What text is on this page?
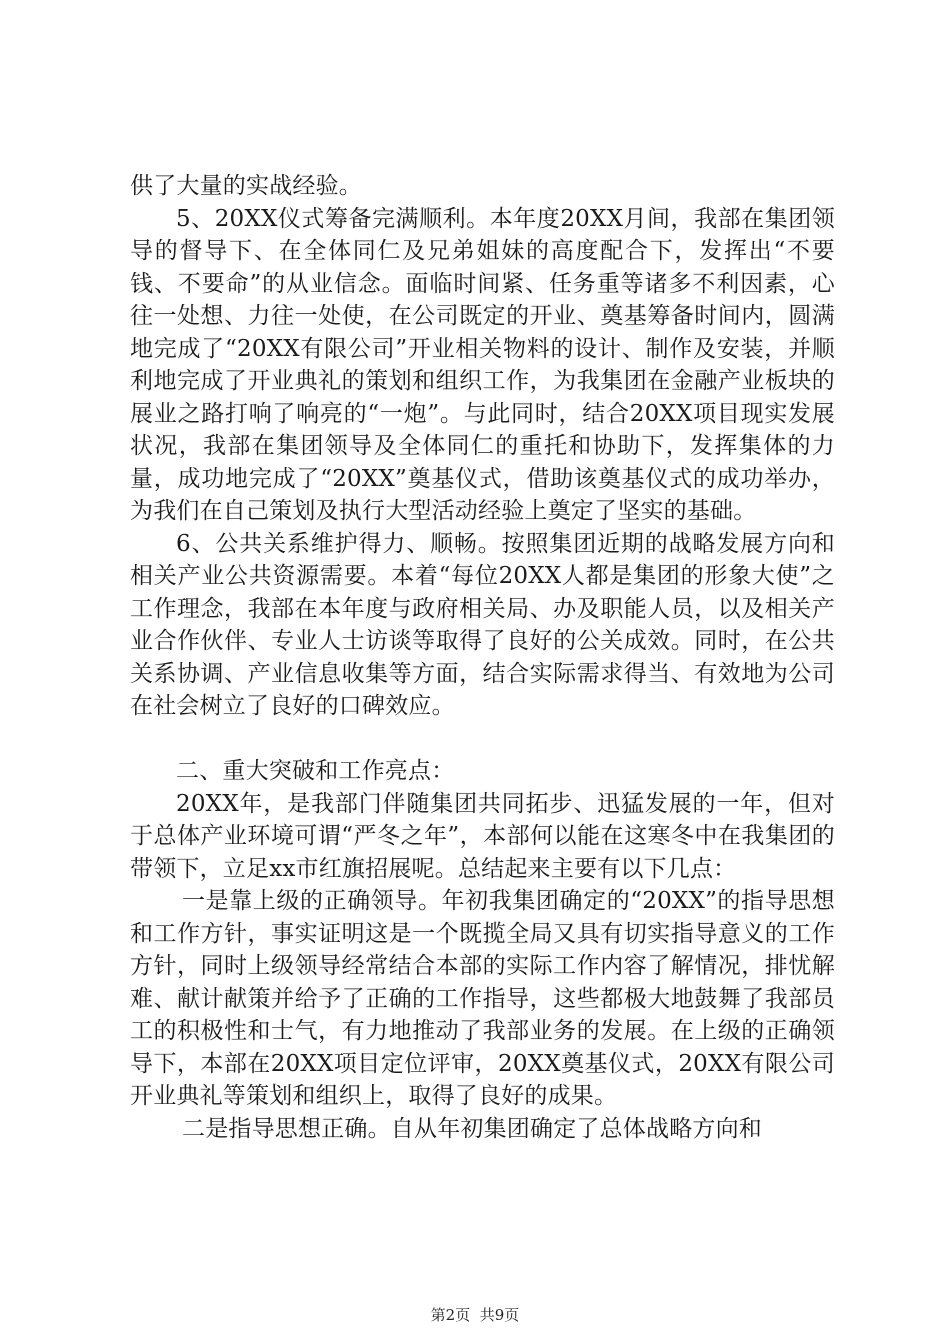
供了大量的实战经验。

5、20XX仪式筹备完满顺利。本年度20XX月间，我部在集团领导的督导下、在全体同仁及兄弟姐妹的高度配合下，发挥出“不要钱、不要命”的从业信念。面临时间紧、任务重等诸多不利因素，心往一处想、力往一处使，在公司既定的开业、奠基筹备时间内，圆满地完成了“20XX有限公司”开业相关物料的设计、制作及安装，并顺利地完成了开业典礼的策划和组织工作，为我集团在金融产业板块的展业之路打响了响亮的“一炮”。与此同时，结合20XX项目现实发展状况，我部在集团领导及全体同仁的重托和协助下，发挥集体的力量，成功地完成了“20XX”奠基仪式，借助该奠基仪式的成功举办，为我们在自己策划及执行大型活动经验上奠定了坚实的基础。

6、公共关系维护得力、顺畅。按照集团近期的战略发展方向和相关产业公共资源需要。本着“每位20XX人都是集团的形象大使”之工作理念，我部在本年度与政府相关局、办及职能人员，以及相关产业合作伙伴、专业人士访谈等取得了良好的公关成效。同时，在公共关系协调、产业信息收集等方面，结合实际需求得当、有效地为公司在社会树立了良好的口碑效应。

二、重大突破和工作亮点：

20XX年，是我部门伴随集团共同拓步、迅猛发展的一年，但对于总体产业环境可谓“严冬之年”，本部何以能在这寒冬中在我集团的带领下，立足xx市红旗招展呢。总结起来主要有以下几点：

一是靠上级的正确领导。年初我集团确定的“20XX”的指导思想和工作方针，事实证明这是一个既揽全局又具有切实指导意义的工作方针，同时上级领导经常结合本部的实际工作内容了解情况，排忧解难、献计献策并给予了正确的工作指导，这些都极大地鼓舞了我部员工的积极性和士气，有力地推动了我部业务的发展。在上级的正确领导下，本部在20XX项目定位评审，20XX奠基仪式，20XX有限公司开业典礼等策划和组织上，取得了良好的成果。

二是指导思想正确。自从年初集团确定了总体战略方向和

第2页 共9页
